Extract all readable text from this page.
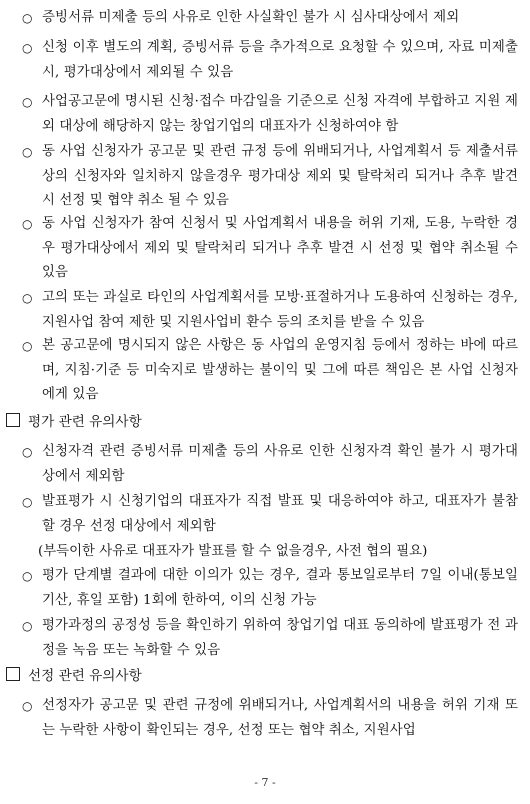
○ 증빙서류 미제출 등의 사유로 인한 사실확인 불가 시 심사대상에서 제외
○ 신청 이후 별도의 계획, 증빙서류 등을 추가적으로 요청할 수 있으며, 자료 미제출 시, 평가대상에서 제외될 수 있음
○ 사업공고문에 명시된 신청·접수 마감일을 기준으로 신청 자격에 부합하고 지원 제외 대상에 해당하지 않는 창업기업의 대표자가 신청하여야 함
○ 동 사업 신청자가 공고문 및 관련 규정 등에 위배되거나, 사업계획서 등 제출서류 상의 신청자와 일치하지 않을경우 평가대상 제외 및 탈락처리 되거나 추후 발견 시 선정 및 협약 취소 될 수 있음
○ 동 사업 신청자가 참여 신청서 및 사업계획서 내용을 허위 기재, 도용, 누락한 경우 평가대상에서 제외 및 탈락처리 되거나 추후 발견 시 선정 및 협약 취소될 수 있음
○ 고의 또는 과실로 타인의 사업계획서를 모방·표절하거나 도용하여 신청하는 경우, 지원사업 참여 제한 및 지원사업비 환수 등의 조치를 받을 수 있음
○ 본 공고문에 명시되지 않은 사항은 동 사업의 운영지침 등에서 정하는 바에 따르며, 지침·기준 등 미숙지로 발생하는 불이익 및 그에 따른 책임은 본 사업 신청자에게 있음
평가 관련 유의사항
○ 신청자격 관련 증빙서류 미제출 등의 사유로 인한 신청자격 확인 불가 시 평가대상에서 제외함
○ 발표평가 시 신청기업의 대표자가 직접 발표 및 대응하여야 하고, 대표자가 불참할 경우 선정 대상에서 제외함
(부득이한 사유로 대표자가 발표를 할 수 없을경우, 사전 협의 필요)
○ 평가 단계별 결과에 대한 이의가 있는 경우, 결과 통보일로부터 7일 이내(통보일 기산, 휴일 포함) 1회에 한하여, 이의 신청 가능
○ 평가과정의 공정성 등을 확인하기 위하여 창업기업 대표 동의하에 발표평가 전 과정을 녹음 또는 녹화할 수 있음
선정 관련 유의사항
○ 선정자가 공고문 및 관련 규정에 위배되거나, 사업계획서의 내용을 허위 기재 또는 누락한 사항이 확인되는 경우, 선정 또는 협약 취소, 지원사업
- 7 -
